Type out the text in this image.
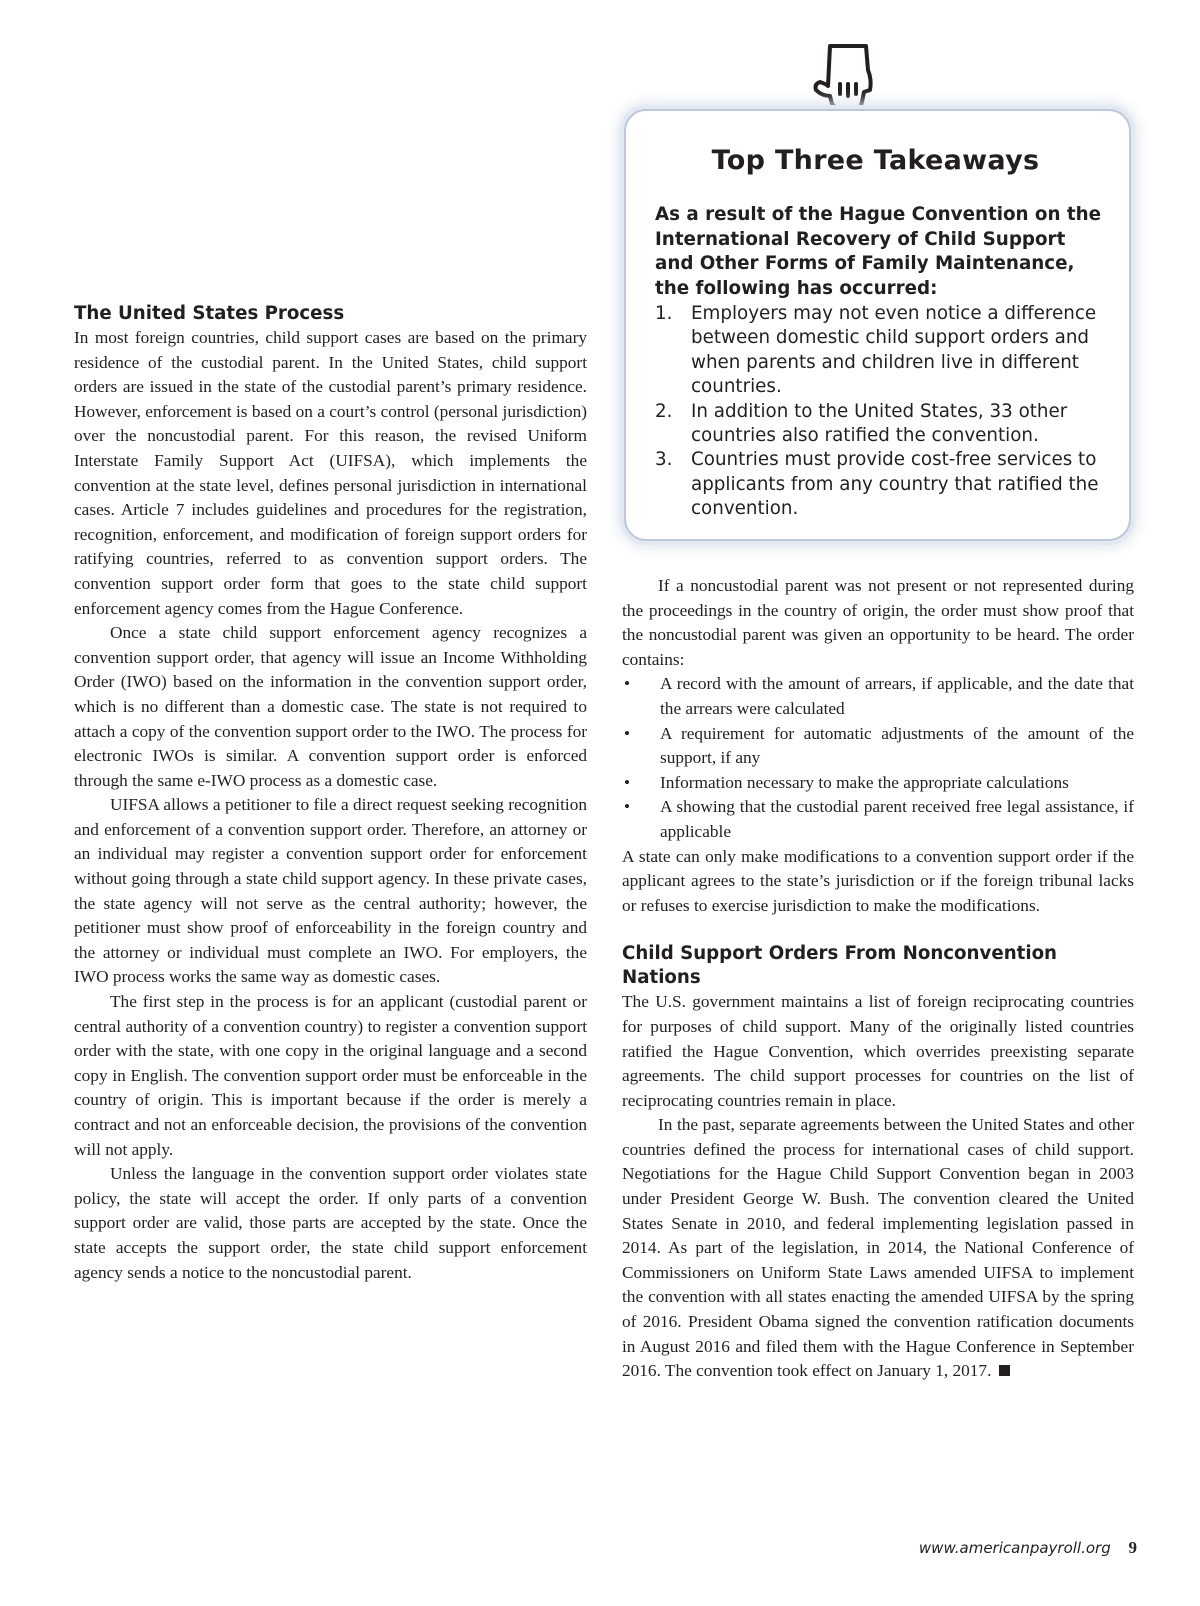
Top Three Takeaways

As a result of the Hague Convention on the International Recovery of Child Support and Other Forms of Family Maintenance, the following has occurred:

1. Employers may not even notice a difference between domestic child support orders and when parents and children live in different countries.
2. In addition to the United States, 33 other countries also ratified the convention.
3. Countries must provide cost-free services to applicants from any country that ratified the convention.
The United States Process

In most foreign countries, child support cases are based on the primary residence of the custodial parent. In the United States, child support orders are issued in the state of the custodial parent’s primary residence. However, enforcement is based on a court’s control (personal jurisdiction) over the noncustodial parent. For this reason, the revised Uniform Interstate Family Support Act (UIFSA), which implements the convention at the state level, defines personal jurisdiction in international cases. Article 7 includes guidelines and procedures for the registration, recognition, enforcement, and modification of foreign support orders for ratifying countries, referred to as convention support orders. The convention support order form that goes to the state child support enforcement agency comes from the Hague Conference.

Once a state child support enforcement agency recognizes a convention support order, that agency will issue an Income Withholding Order (IWO) based on the information in the convention support order, which is no different than a domestic case. The state is not required to attach a copy of the convention support order to the IWO. The process for electronic IWOs is similar. A convention support order is enforced through the same e-IWO process as a domestic case.

UIFSA allows a petitioner to file a direct request seeking recognition and enforcement of a convention support order. Therefore, an attorney or an individual may register a convention support order for enforcement without going through a state child support agency. In these private cases, the state agency will not serve as the central authority; however, the petitioner must show proof of enforceability in the foreign country and the attorney or individual must complete an IWO. For employers, the IWO process works the same way as domestic cases.

The first step in the process is for an applicant (custodial parent or central authority of a convention country) to register a convention support order with the state, with one copy in the original language and a second copy in English. The convention support order must be enforceable in the country of origin. This is important because if the order is merely a contract and not an enforceable decision, the provisions of the convention will not apply.

Unless the language in the convention support order violates state policy, the state will accept the order. If only parts of a convention support order are valid, those parts are accepted by the state. Once the state accepts the support order, the state child support enforcement agency sends a notice to the noncustodial parent.

If a noncustodial parent was not present or not represented during the proceedings in the country of origin, the order must show proof that the noncustodial parent was given an opportunity to be heard. The order contains:

• A record with the amount of arrears, if applicable, and the date that the arrears were calculated
• A requirement for automatic adjustments of the amount of the support, if any
• Information necessary to make the appropriate calculations
• A showing that the custodial parent received free legal assistance, if applicable

A state can only make modifications to a convention support order if the applicant agrees to the state’s jurisdiction or if the foreign tribunal lacks or refuses to exercise jurisdiction to make the modifications.

Child Support Orders From Nonconvention Nations

The U.S. government maintains a list of foreign reciprocating countries for purposes of child support. Many of the originally listed countries ratified the Hague Convention, which overrides preexisting separate agreements. The child support processes for countries on the list of reciprocating countries remain in place.

In the past, separate agreements between the United States and other countries defined the process for international cases of child support. Negotiations for the Hague Child Support Convention began in 2003 under President George W. Bush. The convention cleared the United States Senate in 2010, and federal implementing legislation passed in 2014. As part of the legislation, in 2014, the National Conference of Commissioners on Uniform State Laws amended UIFSA to implement the convention with all states enacting the amended UIFSA by the spring of 2016. President Obama signed the convention ratification documents in August 2016 and filed them with the Hague Conference in September 2016. The convention took effect on January 1, 2017.

www.americanpayroll.org 9
